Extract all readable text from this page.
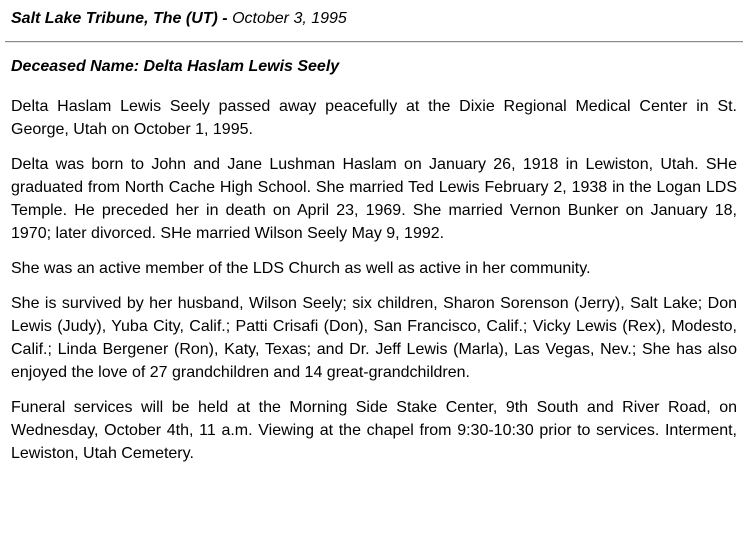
Salt Lake Tribune, The (UT) - October 3, 1995
Deceased Name: Delta Haslam Lewis Seely

Delta Haslam Lewis Seely passed away peacefully at the Dixie Regional Medical Center in St. George, Utah on October 1, 1995.

Delta was born to John and Jane Lushman Haslam on January 26, 1918 in Lewiston, Utah. SHe graduated from North Cache High School. She married Ted Lewis February 2, 1938 in the Logan LDS Temple. He preceded her in death on April 23, 1969. She married Vernon Bunker on January 18, 1970; later divorced. SHe married Wilson Seely May 9, 1992.

She was an active member of the LDS Church as well as active in her community.

She is survived by her husband, Wilson Seely; six children, Sharon Sorenson (Jerry), Salt Lake; Don Lewis (Judy), Yuba City, Calif.; Patti Crisafi (Don), San Francisco, Calif.; Vicky Lewis (Rex), Modesto, Calif.; Linda Bergener (Ron), Katy, Texas; and Dr. Jeff Lewis (Marla), Las Vegas, Nev.; She has also enjoyed the love of 27 grandchildren and 14 great-grandchildren.

Funeral services will be held at the Morning Side Stake Center, 9th South and River Road, on Wednesday, October 4th, 11 a.m. Viewing at the chapel from 9:30-10:30 prior to services. Interment, Lewiston, Utah Cemetery.
